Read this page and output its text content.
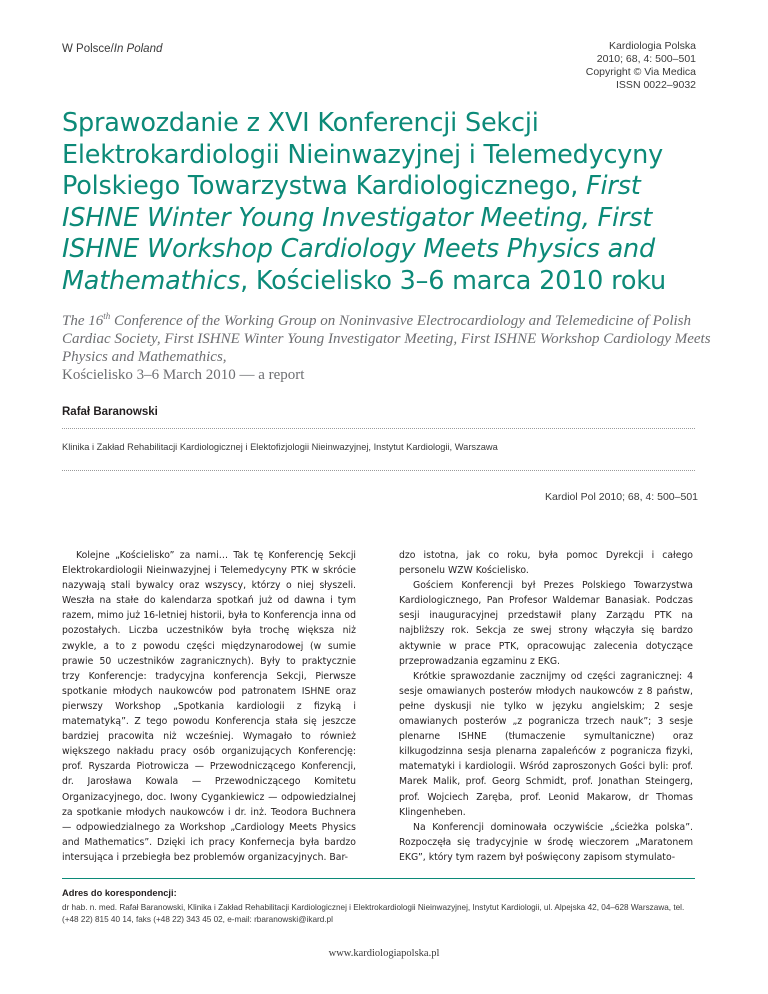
W Polsce/In Poland	Kardiologia Polska
2010; 68, 4: 500–501
Copyright © Via Medica
ISSN 0022–9032
Sprawozdanie z XVI Konferencji Sekcji Elektrokardiologii Nieinwazyjnej i Telemedycyny Polskiego Towarzystwa Kardiologicznego, First ISHNE Winter Young Investigator Meeting, First ISHNE Workshop Cardiology Meets Physics and Mathemathics, Kościelisko 3–6 marca 2010 roku

The 16th Conference of the Working Group on Noninvasive Electrocardiology and Telemedicine of Polish Cardiac Society, First ISHNE Winter Young Investigator Meeting, First ISHNE Workshop Cardiology Meets Physics and Mathemathics,
Kościelisko 3–6 March 2010 — a report

Rafał Baranowski
Klinika i Zakład Rehabilitacji Kardiologicznej i Elektofizjologii Nieinwazyjnej, Instytut Kardiologii, Warszawa
Kardiol Pol 2010; 68, 4: 500–501

Kolejne „Kościelisko” za nami… Tak tę Konferencję Sekcji Elektrokardiologii Nieinwazyjnej i Telemedycyny PTK w skrócie nazywają stali bywalcy oraz wszyscy, którzy o niej słyszeli. Weszła na stałe do kalendarza spotkań już od dawna i tym razem, mimo już 16-letniej historii, była to Konferencja inna od pozostałych. Liczba uczestników była trochę większa niż zwykle, a to z powodu części międzynarodowej (w sumie prawie 50 uczestników zagranicznych). Były to praktycznie trzy Konferencje: tradycyjna konferencja Sekcji, Pierwsze spotkanie młodych naukowców pod patronatem ISHNE oraz pierwszy Workshop „Spotkania kardiologii z fizyką i matematyką”. Z tego powodu Konferencja stała się jeszcze bardziej pracowita niż wcześniej. Wymagało to również większego nakładu pracy osób organizujących Konferencję: prof. Ryszarda Piotrowicza — Przewodniczącego Konferencji, dr. Jarosława Kowala — Przewodniczącego Komitetu Organizacyjnego, doc. Iwony Cygankiewicz — odpowiedzialnej za spotkanie młodych naukowców i dr. inż. Teodora Buchnera — odpowiedzialnego za Workshop „Cardiology Meets Physics and Mathematics”. Dzięki ich pracy Konfernecja była bardzo intersująca i przebiegła bez problemów organizacyjnych. Bar-

dzo istotna, jak co roku, była pomoc Dyrekcji i całego personelu WZW Kościelisko.

Gościem Konferencji był Prezes Polskiego Towarzystwa Kardiologicznego, Pan Profesor Waldemar Banasiak. Podczas sesji inauguracyjnej przedstawił plany Zarządu PTK na najbliższy rok. Sekcja ze swej strony włączyła się bardzo aktywnie w prace PTK, opracowując zalecenia dotyczące przeprowadzania egzaminu z EKG.

Krótkie sprawozdanie zacznijmy od części zagranicznej: 4 sesje omawianych posterów młodych naukowców z 8 państw, pełne dyskusji nie tylko w języku angielskim; 2 sesje omawianych posterów „z pogranicza trzech nauk”; 3 sesje plenarne ISHNE (tłumaczenie symultaniczne) oraz kilkugodzinna sesja plenarna zapaleńców z pogranicza fizyki, matematyki i kardiologii. Wśród zaproszonych Gości byli: prof. Marek Malik, prof. Georg Schmidt, prof. Jonathan Steingerg, prof. Wojciech Zaręba, prof. Leonid Makarow, dr Thomas Klingenheben.

Na Konferencji dominowała oczywiście „ścieżka polska”. Rozpoczęła się tradycyjnie w środę wieczorem „Maratonem EKG”, który tym razem był poświęcony zapisom stymulato-

Adres do korespondencji:
dr hab. n. med. Rafał Baranowski, Klinika i Zakład Rehabilitacji Kardiologicznej i Elektrokardiologii Nieinwazyjnej, Instytut Kardiologii, ul. Alpejska 42, 04–628 Warszawa, tel. (+48 22) 815 40 14, faks (+48 22) 343 45 02, e-mail: rbaranowski@ikard.pl
www.kardiologiapolska.pl
